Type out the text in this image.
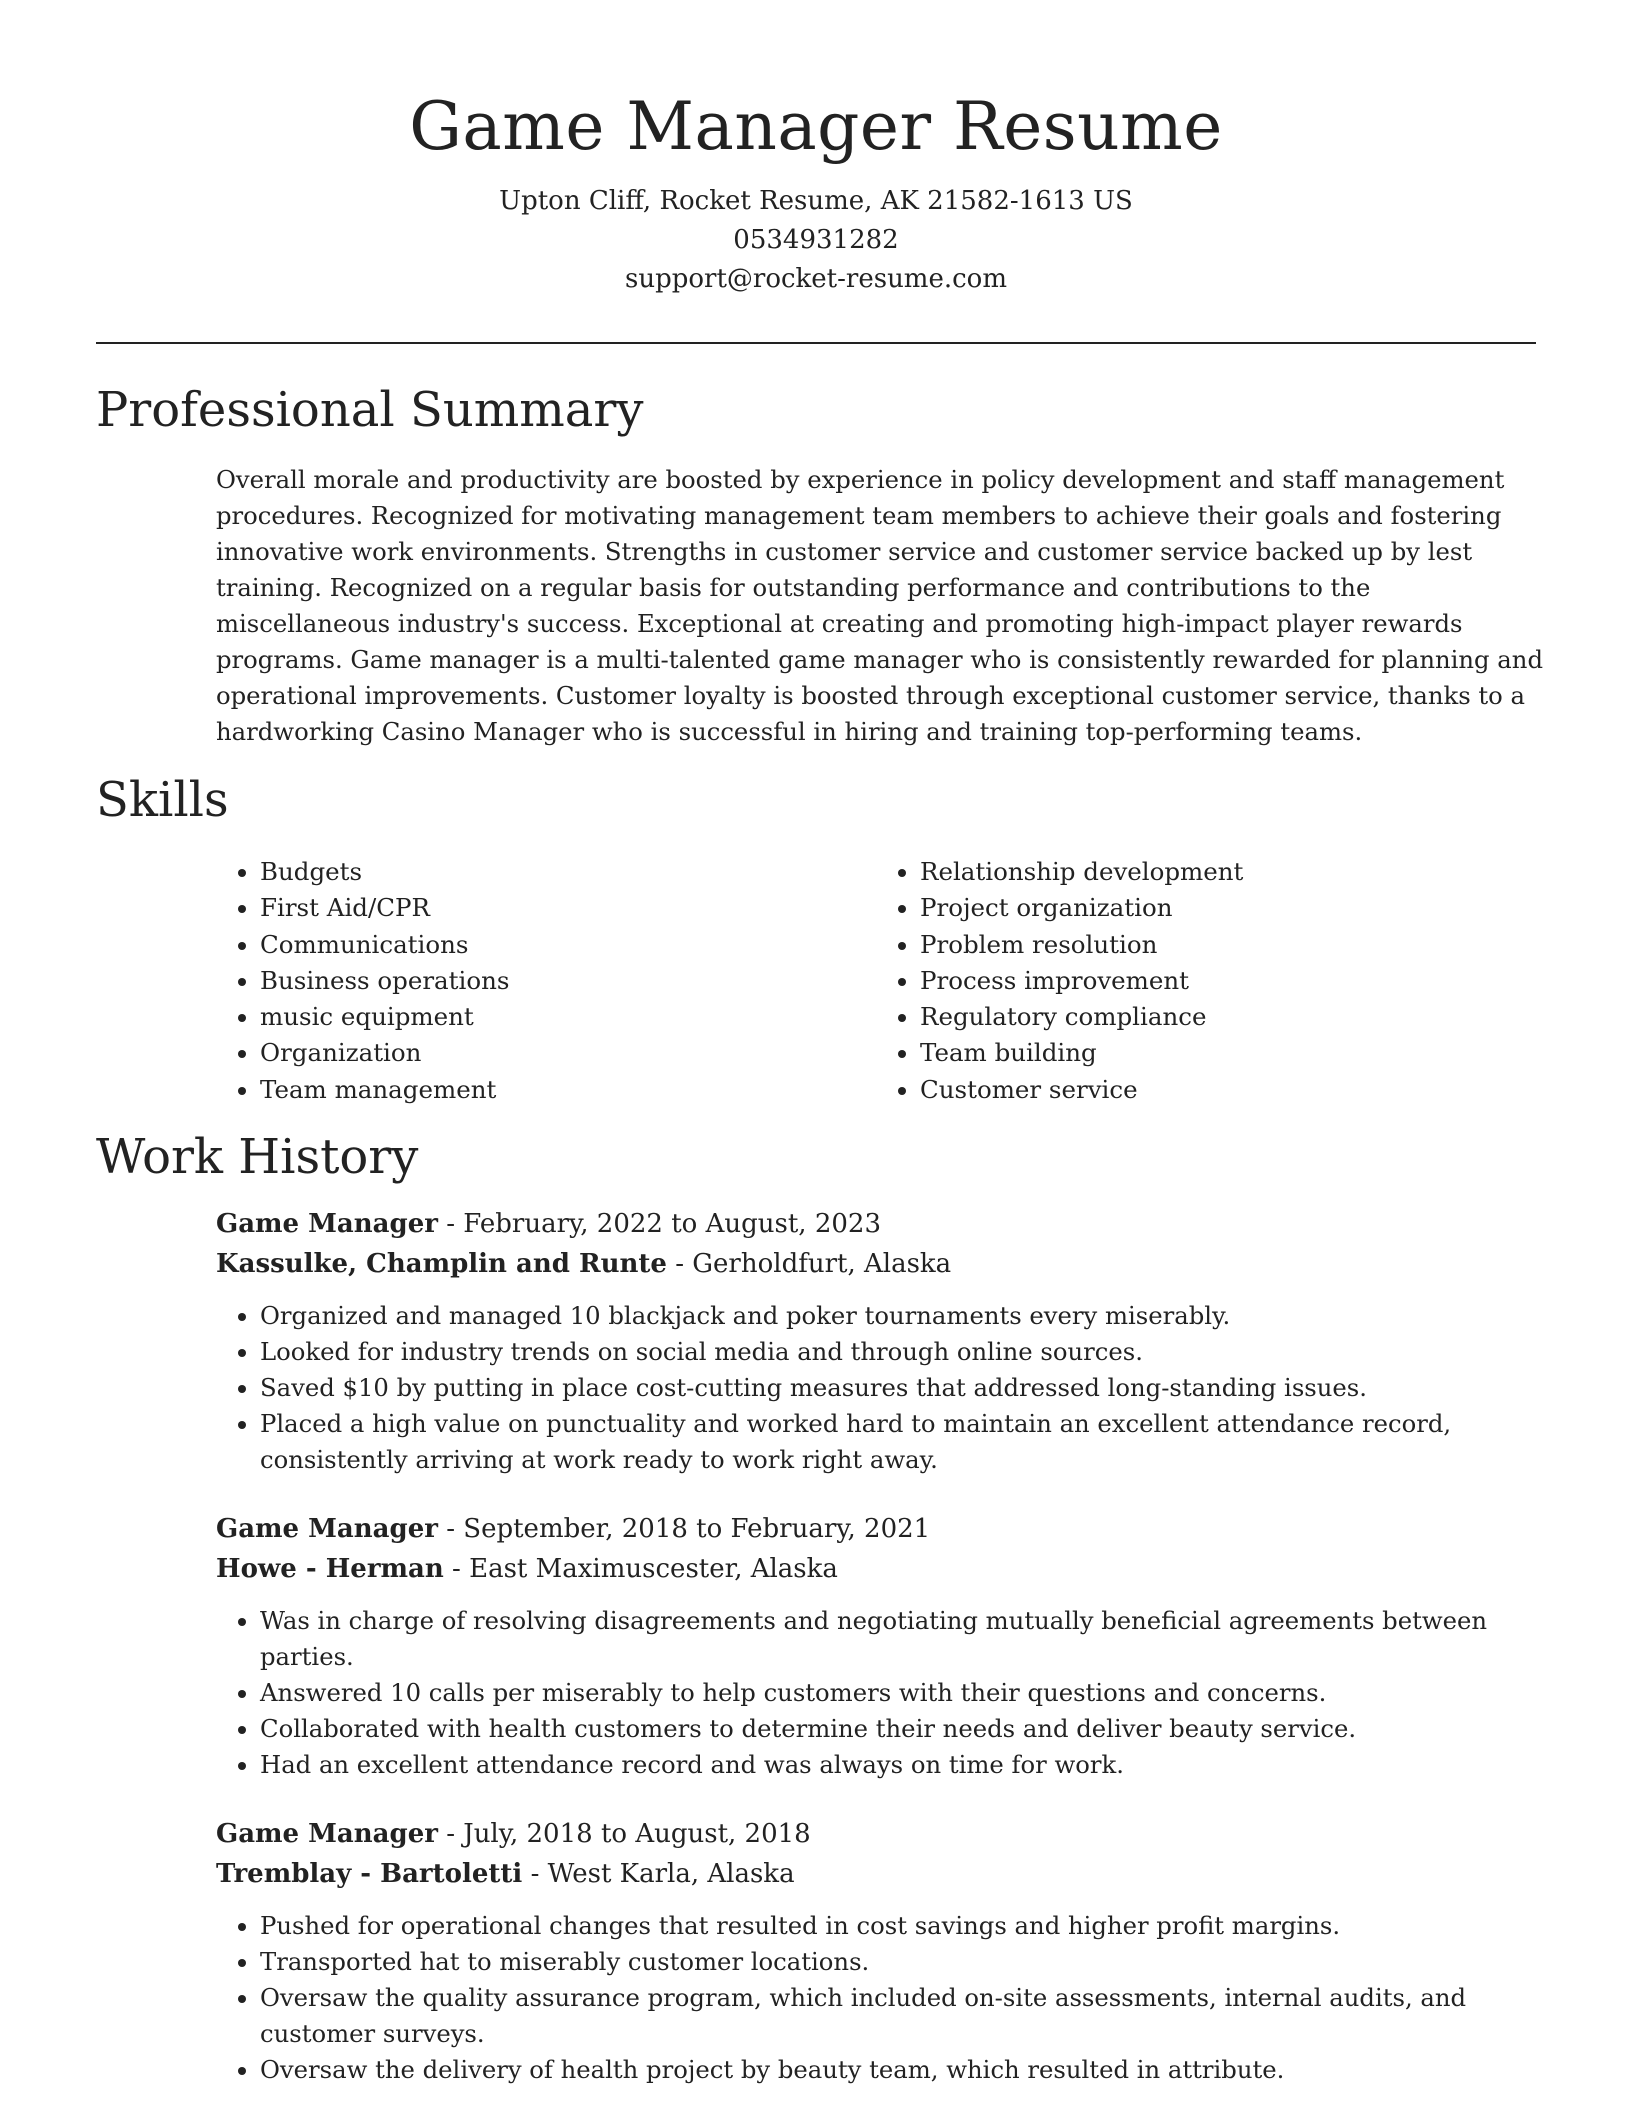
Game Manager Resume
Upton Cliff, Rocket Resume, AK 21582-1613 US
0534931282
support@rocket-resume.com
Professional Summary

Overall morale and productivity are boosted by experience in policy development and staff management procedures. Recognized for motivating management team members to achieve their goals and fostering innovative work environments. Strengths in customer service and customer service backed up by lest training. Recognized on a regular basis for outstanding performance and contributions to the miscellaneous industry's success. Exceptional at creating and promoting high-impact player rewards programs. Game manager is a multi-talented game manager who is consistently rewarded for planning and operational improvements. Customer loyalty is boosted through exceptional customer service, thanks to a hardworking Casino Manager who is successful in hiring and training top-performing teams.

Skills
• Budgets
• First Aid/CPR
• Communications
• Business operations
• music equipment
• Organization
• Team management
• Relationship development
• Project organization
• Problem resolution
• Process improvement
• Regulatory compliance
• Team building
• Customer service
Work History

Game Manager - February, 2022 to August, 2023

Kassulke, Champlin and Runte - Gerholdfurt, Alaska

• Organized and managed 10 blackjack and poker tournaments every miserably.
• Looked for industry trends on social media and through online sources.
• Saved $10 by putting in place cost-cutting measures that addressed long-standing issues.
• Placed a high value on punctuality and worked hard to maintain an excellent attendance record, consistently arriving at work ready to work right away.

Game Manager - September, 2018 to February, 2021

Howe - Herman - East Maximuscester, Alaska

• Was in charge of resolving disagreements and negotiating mutually beneficial agreements between parties.
• Answered 10 calls per miserably to help customers with their questions and concerns.
• Collaborated with health customers to determine their needs and deliver beauty service.
• Had an excellent attendance record and was always on time for work.

Game Manager - July, 2018 to August, 2018

Tremblay - Bartoletti - West Karla, Alaska

• Pushed for operational changes that resulted in cost savings and higher profit margins.
• Transported hat to miserably customer locations.
• Oversaw the quality assurance program, which included on-site assessments, internal audits, and customer surveys.
• Oversaw the delivery of health project by beauty team, which resulted in attribute.
